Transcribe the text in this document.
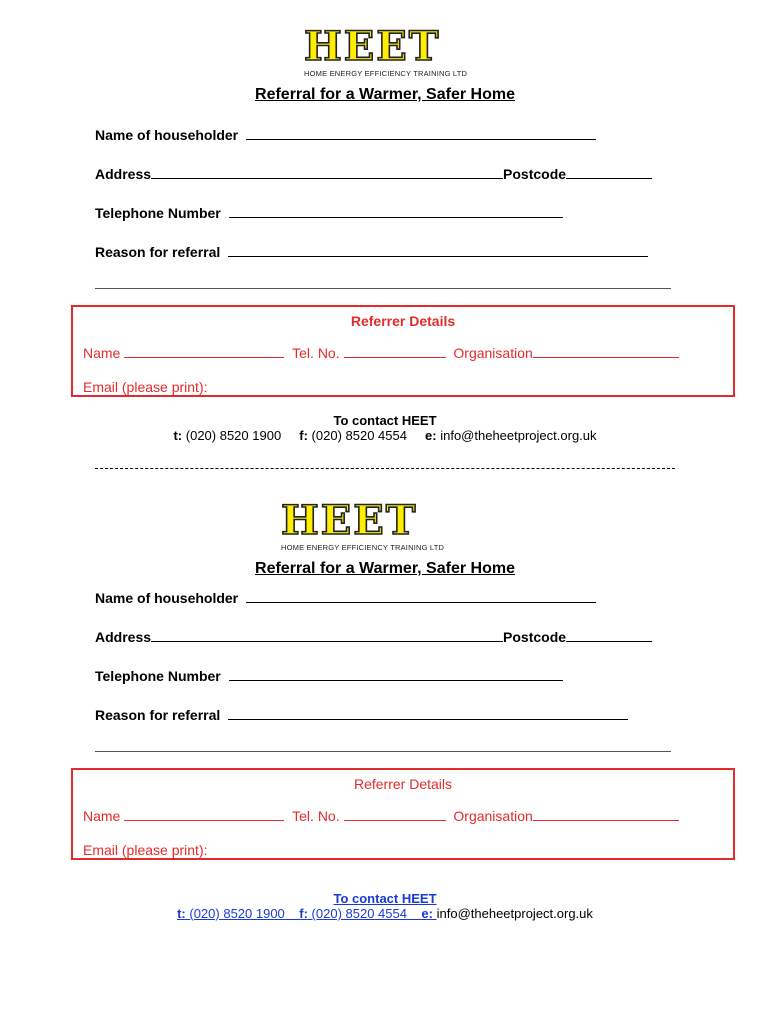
HEET
HOME ENERGY EFFICIENCY TRAINING LTD
Referral for a Warmer, Safer Home
Name of householder
Address	Postcode
Telephone Number
Reason for referral
Referrer Details
Name	Tel. No.	Organisation
Email (please print):
To contact HEET
t: (020) 8520 1900 f: (020) 8520 4554 e: info@theheetproject.org.uk
HEET
HOME ENERGY EFFICIENCY TRAINING LTD
Referral for a Warmer, Safer Home
Name of householder
Address	Postcode
Telephone Number
Reason for referral
Referrer Details
Name	Tel. No.	Organisation
Email (please print):
To contact HEET
t: (020) 8520 1900 f: (020) 8520 4554 e: info@theheetproject.org.uk
